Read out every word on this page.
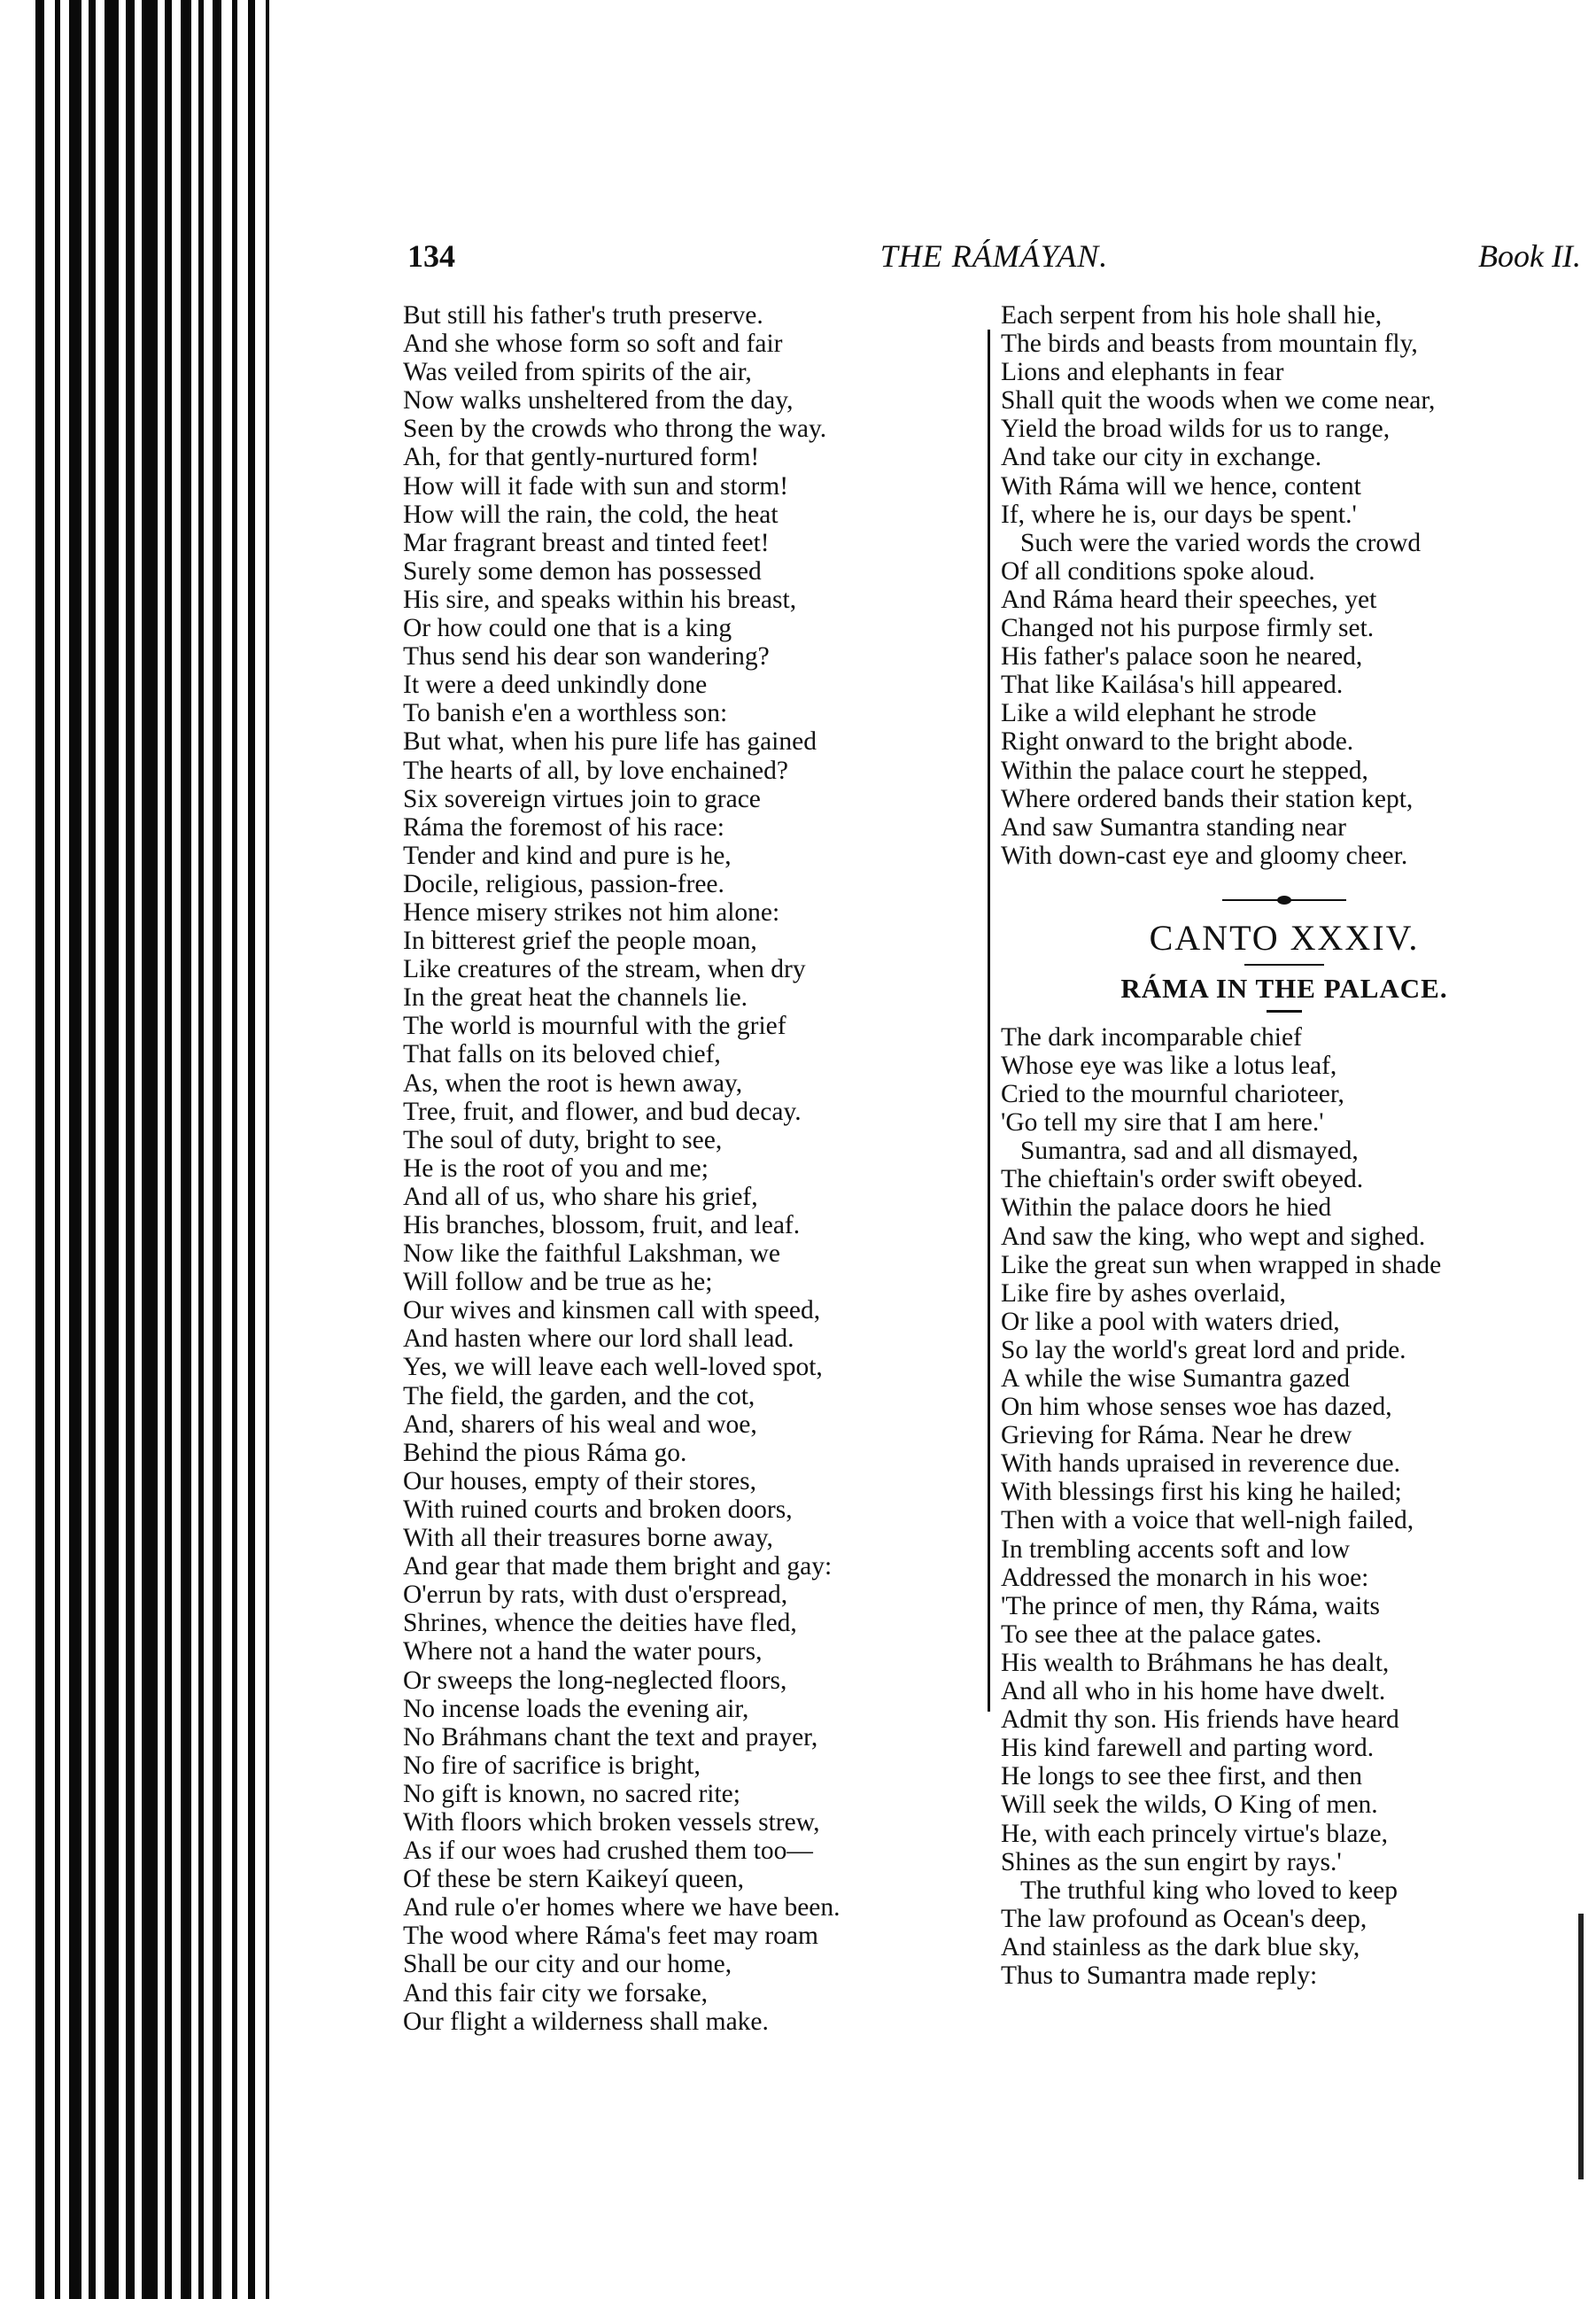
134	THE RÁMÁYAN.	Book II.
But still his father's truth preserve.
And she whose form so soft and fair
Was veiled from spirits of the air,
Now walks unsheltered from the day,
Seen by the crowds who throng the way.
Ah, for that gently-nurtured form!
How will it fade with sun and storm!
How will the rain, the cold, the heat
Mar fragrant breast and tinted feet!
Surely some demon has possessed
His sire, and speaks within his breast,
Or how could one that is a king
Thus send his dear son wandering?
It were a deed unkindly done
To banish e'en a worthless son:
But what, when his pure life has gained
The hearts of all, by love enchained?
Six sovereign virtues join to grace
Ráma the foremost of his race:
Tender and kind and pure is he,
Docile, religious, passion-free.
Hence misery strikes not him alone:
In bitterest grief the people moan,
Like creatures of the stream, when dry
In the great heat the channels lie.
The world is mournful with the grief
That falls on its beloved chief,
As, when the root is hewn away,
Tree, fruit, and flower, and bud decay.
The soul of duty, bright to see,
He is the root of you and me;
And all of us, who share his grief,
His branches, blossom, fruit, and leaf.
Now like the faithful Lakshman, we
Will follow and be true as he;
Our wives and kinsmen call with speed,
And hasten where our lord shall lead.
Yes, we will leave each well-loved spot,
The field, the garden, and the cot,
And, sharers of his weal and woe,
Behind the pious Ráma go.
Our houses, empty of their stores,
With ruined courts and broken doors,
With all their treasures borne away,
And gear that made them bright and gay:
O'errun by rats, with dust o'erspread,
Shrines, whence the deities have fled,
Where not a hand the water pours,
Or sweeps the long-neglected floors,
No incense loads the evening air,
No Bráhmans chant the text and prayer,
No fire of sacrifice is bright,
No gift is known, no sacred rite;
With floors which broken vessels strew,
As if our woes had crushed them too—
Of these be stern Kaikeyí queen,
And rule o'er homes where we have been.
The wood where Ráma's feet may roam
Shall be our city and our home,
And this fair city we forsake,
Our flight a wilderness shall make.
Each serpent from his hole shall hie,
The birds and beasts from mountain fly,
Lions and elephants in fear
Shall quit the woods when we come near,
Yield the broad wilds for us to range,
And take our city in exchange.
With Ráma will we hence, content
If, where he is, our days be spent.'
Such were the varied words the crowd
Of all conditions spoke aloud.
And Ráma heard their speeches, yet
Changed not his purpose firmly set.
His father's palace soon he neared,
That like Kailása's hill appeared.
Like a wild elephant he strode
Right onward to the bright abode.
Within the palace court he stepped,
Where ordered bands their station kept,
And saw Sumantra standing near
With down-cast eye and gloomy cheer.
CANTO XXXIV.
RÁMA IN THE PALACE.
The dark incomparable chief
Whose eye was like a lotus leaf,
Cried to the mournful charioteer,
'Go tell my sire that I am here.'
Sumantra, sad and all dismayed,
The chieftain's order swift obeyed.
Within the palace doors he hied
And saw the king, who wept and sighed.
Like the great sun when wrapped in shade
Like fire by ashes overlaid,
Or like a pool with waters dried,
So lay the world's great lord and pride.
A while the wise Sumantra gazed
On him whose senses woe has dazed,
Grieving for Ráma. Near he drew
With hands upraised in reverence due.
With blessings first his king he hailed;
Then with a voice that well-nigh failed,
In trembling accents soft and low
Addressed the monarch in his woe:
'The prince of men, thy Ráma, waits
To see thee at the palace gates.
His wealth to Bráhmans he has dealt,
And all who in his home have dwelt.
Admit thy son. His friends have heard
His kind farewell and parting word.
He longs to see thee first, and then
Will seek the wilds, O King of men.
He, with each princely virtue's blaze,
Shines as the sun engirt by rays.'
The truthful king who loved to keep
The law profound as Ocean's deep,
And stainless as the dark blue sky,
Thus to Sumantra made reply:
